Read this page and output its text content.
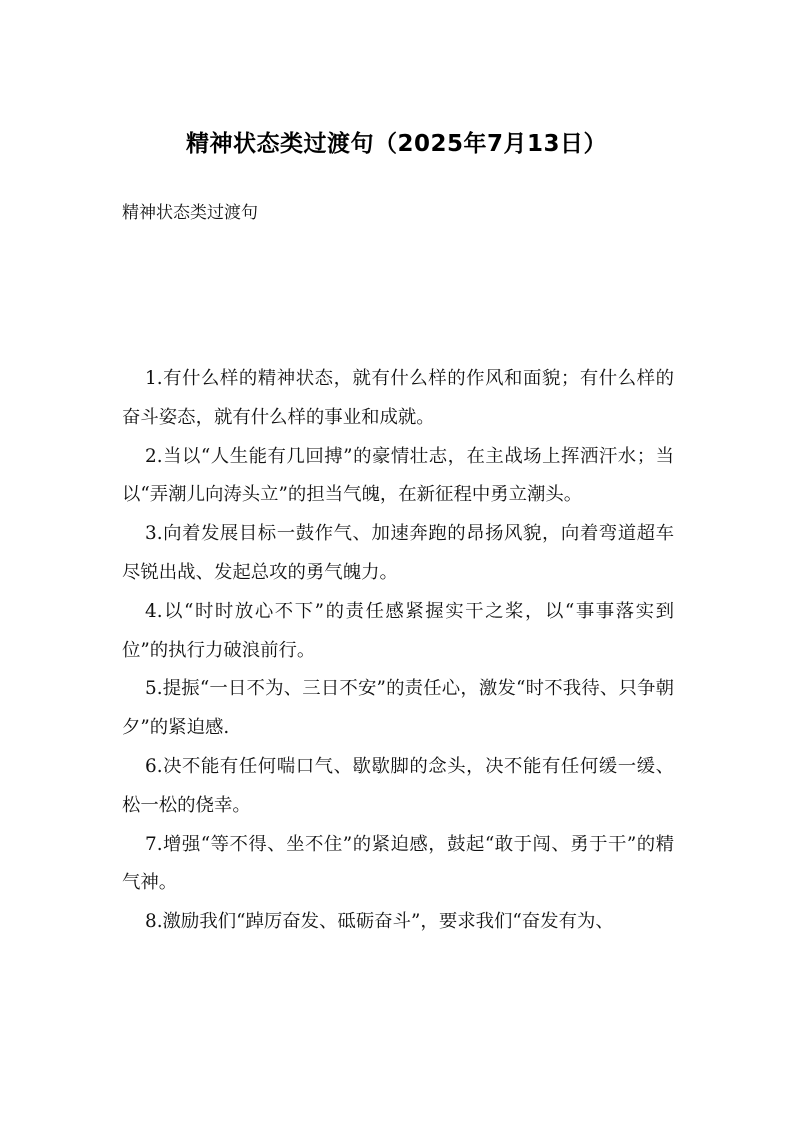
精神状态类过渡句（2025年7月13日）
精神状态类过渡句

1.有什么样的精神状态，就有什么样的作风和面貌；有什么样的奋斗姿态，就有什么样的事业和成就。

2.当以“人生能有几回搏”的豪情壮志，在主战场上挥洒汗水；当以“弄潮儿向涛头立”的担当气魄，在新征程中勇立潮头。

3.向着发展目标一鼓作气、加速奔跑的昂扬风貌，向着弯道超车尽锐出战、发起总攻的勇气魄力。

4.以“时时放心不下”的责任感紧握实干之桨，以“事事落实到位”的执行力破浪前行。

5.提振“一日不为、三日不安”的责任心，激发“时不我待、只争朝夕”的紧迫感.

6.决不能有任何喘口气、歇歇脚的念头，决不能有任何缓一缓、松一松的侥幸。

7.增强“等不得、坐不住”的紧迫感，鼓起“敢于闯、勇于干”的精气神。

8.激励我们“踔厉奋发、砥砺奋斗”，要求我们“奋发有为、
